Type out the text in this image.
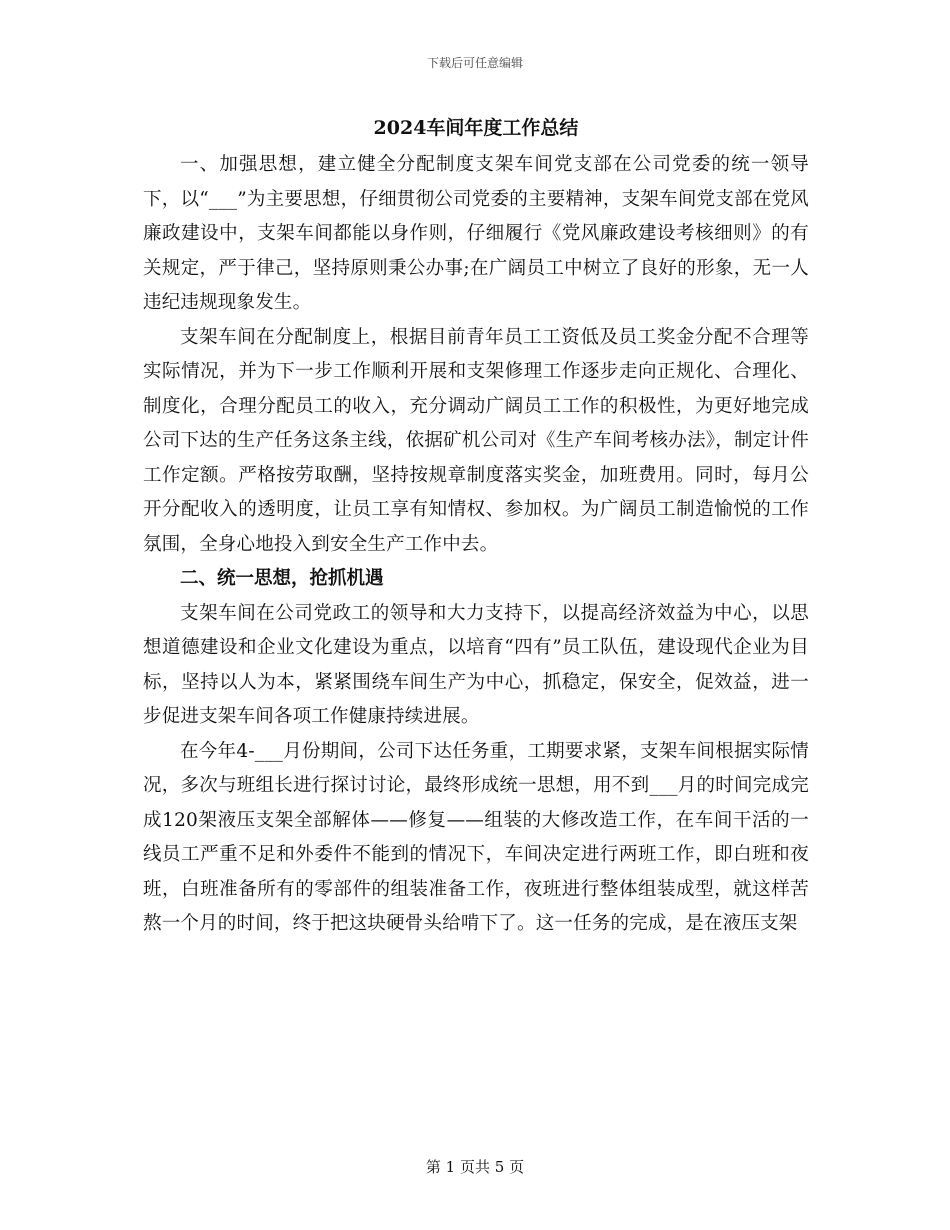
下载后可任意编辑
2024车间年度工作总结

一、加强思想，建立健全分配制度支架车间党支部在公司党委的统一领导下，以“___”为主要思想，仔细贯彻公司党委的主要精神，支架车间党支部在党风廉政建设中，支架车间都能以身作则，仔细履行《党风廉政建设考核细则》的有关规定，严于律己，坚持原则秉公办事;在广阔员工中树立了良好的形象，无一人违纪违规现象发生。

支架车间在分配制度上，根据目前青年员工工资低及员工奖金分配不合理等实际情况，并为下一步工作顺利开展和支架修理工作逐步走向正规化、合理化、制度化，合理分配员工的收入，充分调动广阔员工工作的积极性，为更好地完成公司下达的生产任务这条主线，依据矿机公司对《生产车间考核办法》，制定计件工作定额。严格按劳取酬，坚持按规章制度落实奖金，加班费用。同时，每月公开分配收入的透明度，让员工享有知情权、参加权。为广阔员工制造愉悦的工作氛围，全身心地投入到安全生产工作中去。

二、统一思想，抢抓机遇

支架车间在公司党政工的领导和大力支持下，以提高经济效益为中心，以思想道德建设和企业文化建设为重点，以培育“四有”员工队伍，建设现代企业为目标，坚持以人为本，紧紧围绕车间生产为中心，抓稳定，保安全，促效益，进一步促进支架车间各项工作健康持续进展。

在今年4-___月份期间，公司下达任务重，工期要求紧，支架车间根据实际情况，多次与班组长进行探讨讨论，最终形成统一思想，用不到___月的时间完成完成120架液压支架全部解体——修复——组装的大修改造工作，在车间干活的一线员工严重不足和外委件不能到的情况下，车间决定进行两班工作，即白班和夜班，白班准备所有的零部件的组装准备工作，夜班进行整体组装成型，就这样苦熬一个月的时间，终于把这块硬骨头给啃下了。这一任务的完成，是在液压支架

第 1 页共 5 页
